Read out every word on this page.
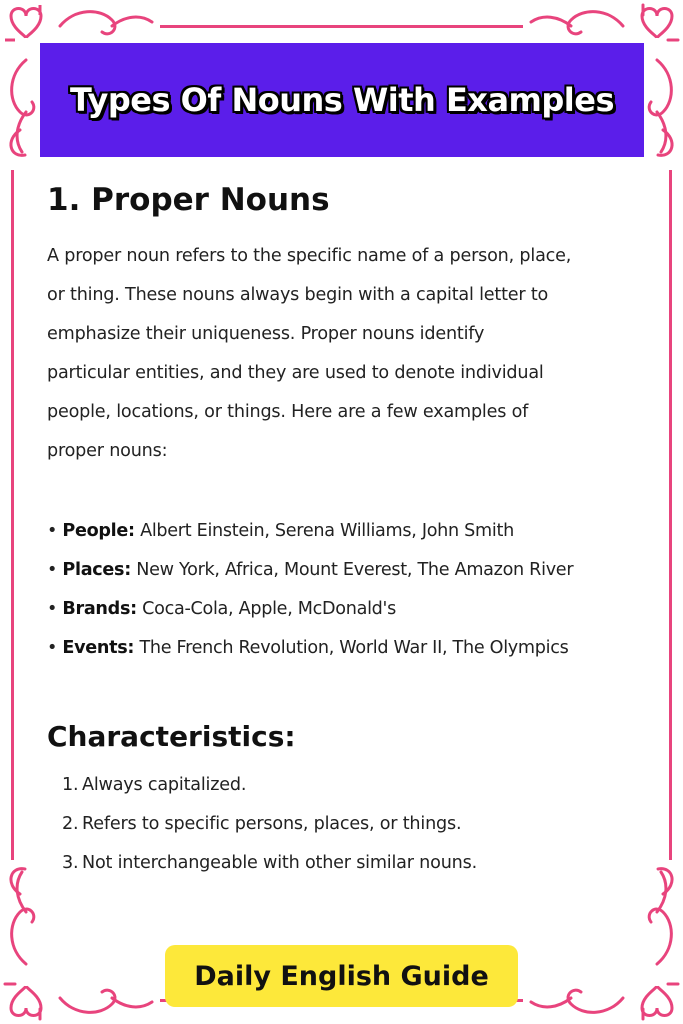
Types Of Nouns With Examples
1. Proper Nouns

A proper noun refers to the specific name of a person, place,
or thing. These nouns always begin with a capital letter to
emphasize their uniqueness. Proper nouns identify
particular entities, and they are used to denote individual
people, locations, or things. Here are a few examples of
proper nouns:

• People: Albert Einstein, Serena Williams, John Smith
• Places: New York, Africa, Mount Everest, The Amazon River
• Brands: Coca-Cola, Apple, McDonald's
• Events: The French Revolution, World War II, The Olympics
Characteristics:
1. Always capitalized.
2. Refers to specific persons, places, or things.
3. Not interchangeable with other similar nouns.
Daily English Guide
